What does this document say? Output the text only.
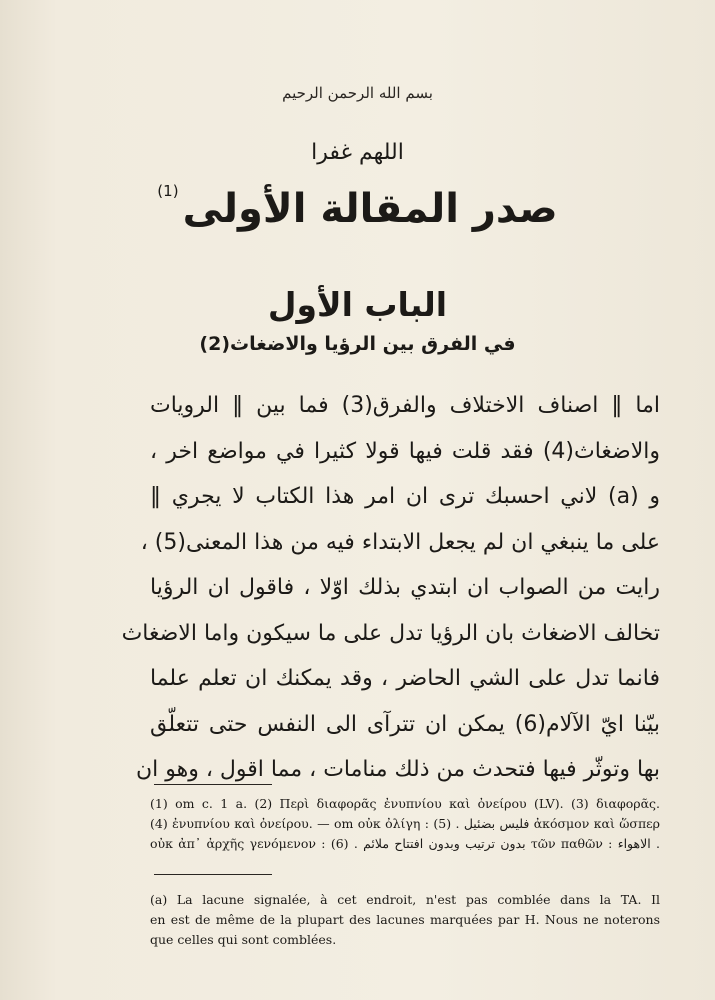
بسم الله الرحمن الرحيم
اللهم غفرا
صدر المقالة الأولى$^{(1)}$
الباب الأول
في الفرق بين الرؤيا والاضغاث(2)
اما ‖ اصناف الاختلاف والفرق(3) فما بين ‖ الرويات
والاضغاث(4) فقد قلت فيها قولا كثيرا في مواضع اخر ،
و (a) لاني احسبك ترى ان امر هذا الكتاب لا يجري ‖
على ما ينبغي ان لم يجعل الابتداء فيه من هذا المعنى(5) ،
رايت من الصواب ان ابتدي بذلك اوّلا ، فاقول ان الرؤيا
تخالف الاضغاث بان الرؤيا تدل على ما سيكون واما الاضغاث
فانما تدل على الشي الحاضر ، وقد يمكنك ان تعلم علما
بيّنا ايّ الآلام(6) يمكن ان تترآى الى النفس حتى تتعلّق
بها وتوثّر فيها فتحدث من ذلك منامات ، مما اقول ، وهو ان
(1) om c. 1 a. (2) Περὶ διαφορᾶς ἐνυπνίου καὶ ὀνείρου (LV). (3) διαφορᾶς.
(4) ἐνυπνίου καὶ ὀνείρου. — om οὐκ ὀλίγη : فليس بضئيل . (5) ἀκόσμον καὶ ὥσπερ
οὐκ ἀπ᾽ ἀρχῆς γενόμενον : بدون ترتيب وبدون افتتاح ملائم . (6) τῶν παθῶν : الاهواء .
(a) La lacune signalée, à cet endroit, n'est pas comblée dans la TA. Il
en est de même de la plupart des lacunes marquées par H. Nous ne noterons
que celles qui sont comblées.
